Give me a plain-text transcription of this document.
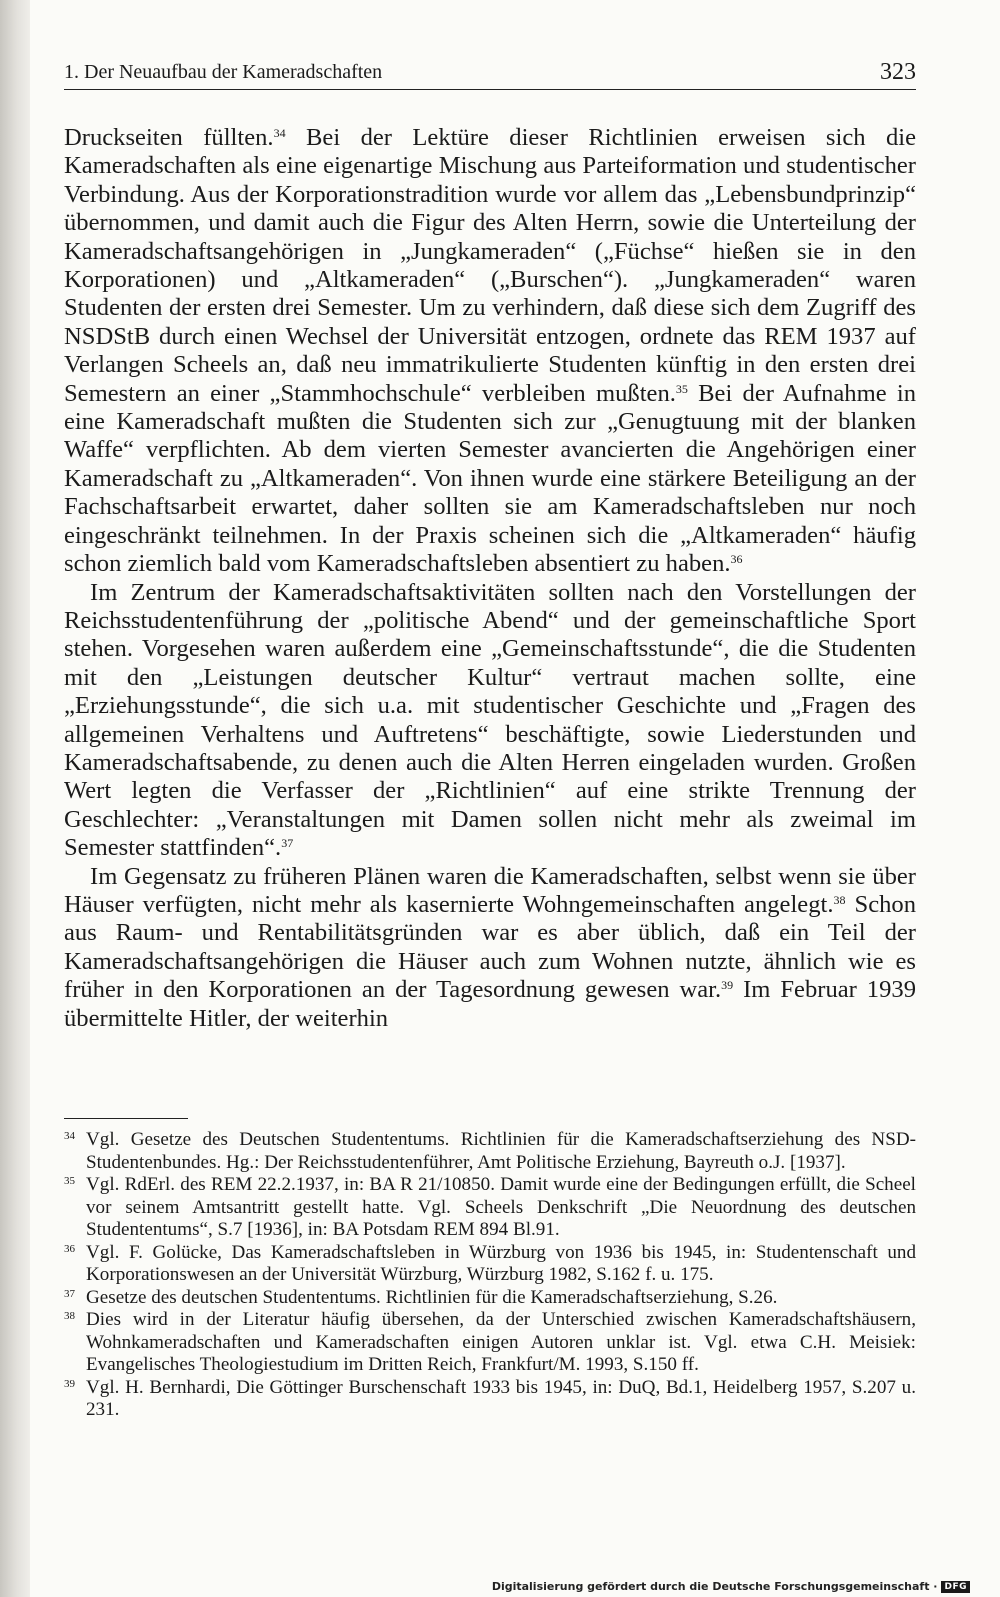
1. Der Neuaufbau der Kameradschaften	323

Druckseiten füllten.$^{34}$ Bei der Lektüre dieser Richtlinien erweisen sich die Kameradschaften als eine eigenartige Mischung aus Parteiformation und studentischer Verbindung. Aus der Korporationstradition wurde vor allem das „Lebensbundprinzip“ übernommen, und damit auch die Figur des Alten Herrn, sowie die Unterteilung der Kameradschaftsangehörigen in „Jungkameraden“ („Füchse“ hießen sie in den Korporationen) und „Altkameraden“ („Burschen“). „Jungkameraden“ waren Studenten der ersten drei Semester. Um zu verhindern, daß diese sich dem Zugriff des NSDStB durch einen Wechsel der Universität entzogen, ordnete das REM 1937 auf Verlangen Scheels an, daß neu immatrikulierte Studenten künftig in den ersten drei Semestern an einer „Stammhochschule“ verbleiben mußten.$^{35}$ Bei der Aufnahme in eine Kameradschaft mußten die Studenten sich zur „Genugtuung mit der blanken Waffe“ verpflichten. Ab dem vierten Semester avancierten die Angehörigen einer Kameradschaft zu „Altkameraden“. Von ihnen wurde eine stärkere Beteiligung an der Fachschaftsarbeit erwartet, daher sollten sie am Kameradschaftsleben nur noch eingeschränkt teilnehmen. In der Praxis scheinen sich die „Altkameraden“ häufig schon ziemlich bald vom Kameradschaftsleben absentiert zu haben.$^{36}$

Im Zentrum der Kameradschaftsaktivitäten sollten nach den Vorstellungen der Reichsstudentenführung der „politische Abend“ und der gemeinschaftliche Sport stehen. Vorgesehen waren außerdem eine „Gemeinschaftsstunde“, die die Studenten mit den „Leistungen deutscher Kultur“ vertraut machen sollte, eine „Erziehungsstunde“, die sich u.a. mit studentischer Geschichte und „Fragen des allgemeinen Verhaltens und Auftretens“ beschäftigte, sowie Liederstunden und Kameradschaftsabende, zu denen auch die Alten Herren eingeladen wurden. Großen Wert legten die Verfasser der „Richtlinien“ auf eine strikte Trennung der Geschlechter: „Veranstaltungen mit Damen sollen nicht mehr als zweimal im Semester stattfinden“.$^{37}$

Im Gegensatz zu früheren Plänen waren die Kameradschaften, selbst wenn sie über Häuser verfügten, nicht mehr als kasernierte Wohngemeinschaften angelegt.$^{38}$ Schon aus Raum- und Rentabilitätsgründen war es aber üblich, daß ein Teil der Kameradschaftsangehörigen die Häuser auch zum Wohnen nutzte, ähnlich wie es früher in den Korporationen an der Tagesordnung gewesen war.$^{39}$ Im Februar 1939 übermittelte Hitler, der weiterhin

34 Vgl. Gesetze des Deutschen Studententums. Richtlinien für die Kameradschaftserziehung des NSD-Studentenbundes. Hg.: Der Reichsstudentenführer, Amt Politische Erziehung, Bayreuth o.J. [1937].
35 Vgl. RdErl. des REM 22.2.1937, in: BA R 21/10850. Damit wurde eine der Bedingungen erfüllt, die Scheel vor seinem Amtsantritt gestellt hatte. Vgl. Scheels Denkschrift „Die Neuordnung des deutschen Studententums“, S.7 [1936], in: BA Potsdam REM 894 Bl.91.
36 Vgl. F. Golücke, Das Kameradschaftsleben in Würzburg von 1936 bis 1945, in: Studentenschaft und Korporationswesen an der Universität Würzburg, Würzburg 1982, S.162 f. u. 175.
37 Gesetze des deutschen Studententums. Richtlinien für die Kameradschaftserziehung, S.26.
38 Dies wird in der Literatur häufig übersehen, da der Unterschied zwischen Kameradschaftshäusern, Wohnkameradschaften und Kameradschaften einigen Autoren unklar ist. Vgl. etwa C.H. Meisiek: Evangelisches Theologiestudium im Dritten Reich, Frankfurt/M. 1993, S.150 ff.
39 Vgl. H. Bernhardi, Die Göttinger Burschenschaft 1933 bis 1945, in: DuQ, Bd.1, Heidelberg 1957, S.207 u. 231.
Digitalisierung gefördert durch die Deutsche Forschungsgemeinschaft · DFG
